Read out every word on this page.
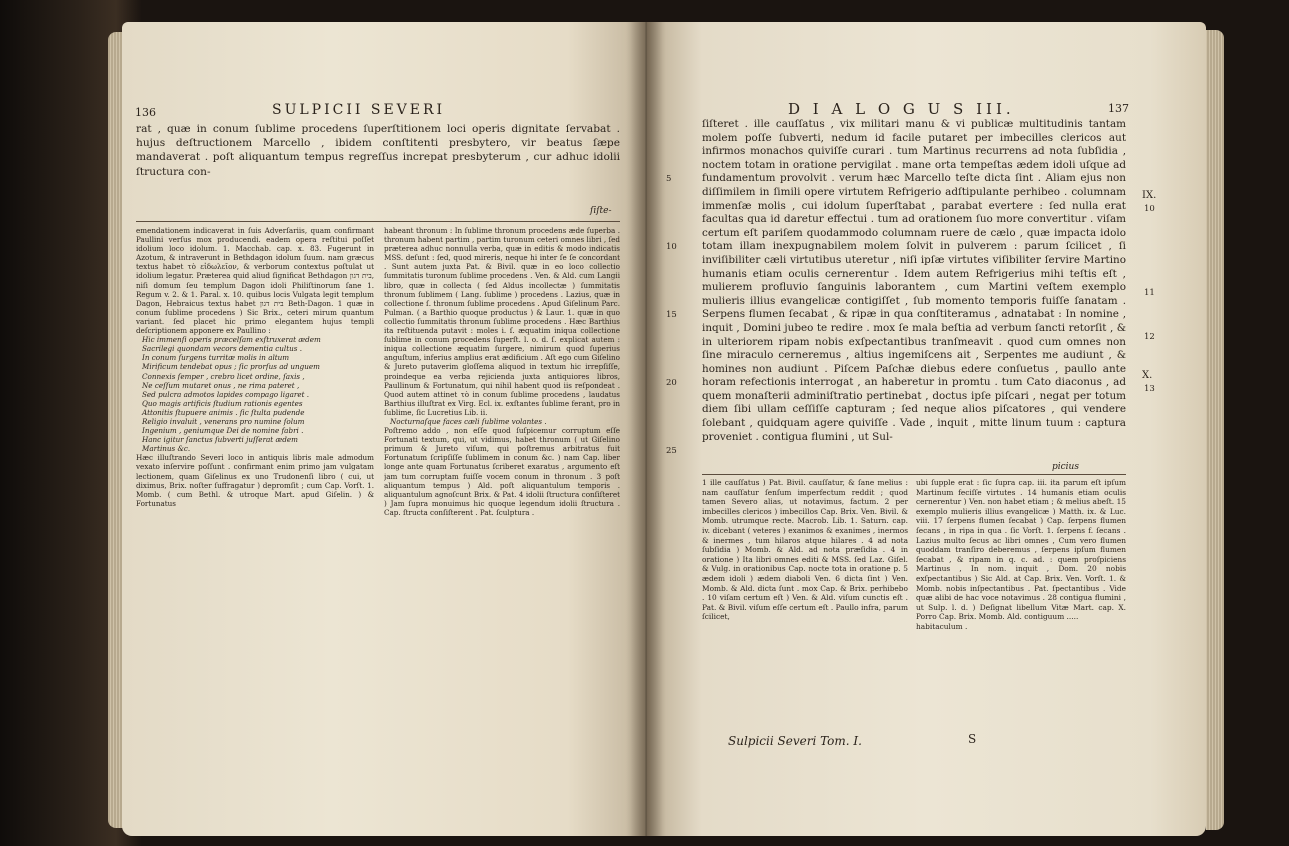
136	SULPICII SEVERI

rat , quæ in conum ſublime procedens ſuperſtitionem loci operis dignitate ſervabat . hujus deſtructionem Marcello , ibidem conſtitenti presbytero, vir beatus ſæpe mandaverat . poſt aliquantum tempus regreſſus increpat presbyterum , cur adhuc idolii ſtructura con-

ſiſte-

emendationem indicaverat in ſuis Adverſariis, quam confirmant Paullini verſus mox producendi. eadem opera reſtitui poſſet idolium loco idolum. 1. Macchab. cap. x. 83. Fugerunt in Azotum, & intraverunt in Bethdagon idolum ſuum. nam græcus textus habet τὸ εἰδωλεῖον, & verborum contextus poſtulat ut idolium legatur. Præterea quid aliud ſignificat Bethdagon בית דגון, niſi domum ſeu templum Dagon idoli Philiſtinorum ſane 1. Regum v. 2. & 1. Paral. x. 10. quibus locis Vulgata legit templum Dagon, Hebraicus textus habet בית דגון Beth-Dagon. 1 quæ in conum ſublime procedens ) Sic Brix., ceteri mirum quantum variant. ſed placet hic primo elegantem hujus templi deſcriptionem apponere ex Paullino :

Hic immenſi operis præcelſam exſtruxerat ædem

Sacrilegi quondam vecors dementia cultus .

In conum ſurgens turritæ molis in altum

Mirificum tendebat opus ; ſic prorſus ad unguem

Connexis ſemper , crebro licet ordine, ſaxis ,

Ne ceſſum mutaret onus , ne rima pateret ,

Sed pulcra admotos lapides compago ligaret .

Quo magis artificis ſtudium rationis egentes

Attonitis ſtupuere animis . ſic ſtulta pudende

Religio invaluit , venerans pro numine ſolum

Ingenium , geniumque Dei de nomine fabri .

Hanc igitur ſanctus ſubverti juſſerat ædem

Martinus &c.

Hæc illuſtrando Severi loco in antiquis libris male admodum vexato inſervire poſſunt . confirmant enim primo jam vulgatam lectionem, quam Giſelinus ex uno Trudonenſi libro ( cui, ut diximus, Brix. noſter ſuffragatur ) depromſit ; cum Cap. Vorſt. 1. Momb. ( cum Bethl. & utroque Mart. apud Giſelin. ) & Fortunatus

habeant thronum : In ſublime thronum procedens æde ſuperba . thronum habent partim , partim turonum ceteri omnes libri , ſed præterea adhuc nonnulla verba, quæ in editis & modo indicatis MSS. deſunt : ſed, quod mireris, neque hi inter ſe ſe concordant . Sunt autem juxta Pat. & Bivil. quæ in eo loco collectio ſummitatis turonum ſublime procedens . Ven. & Ald. cum Langii libro, quæ in collecta ( ſed Aldus incollectæ ) ſummitatis thronum ſublimem ( Lang. ſublime ) procedens . Lazius, quæ in collectione ſ. thronum ſublime procedens . Apud Giſelinum Parc. Pulman. ( a Barthio quoque productus ) & Laur. 1. quæ in quo collectio ſummitatis thronum ſublime procedens . Hæc Barthius ita reſtituenda putavit : moles i. ſ. æquatim iniqua collectione ſublime in conum procedens ſuperſt. l. o. d. ſ. explicat autem : iniqua collectione æquatim ſurgere, nimirum quod ſuperius anguſtum, inferius amplius erat ædificium . Aſt ego cum Giſelino & Jureto putaverim gloſſema aliquod in textum hic irrepſiſſe, proindeque ea verba rejicienda juxta antiquiores libros, Paullinum & Fortunatum, qui nihil habent quod iis reſpondeat . Quod autem attinet τὸ in conum ſublime procedens , laudatus Barthius illuſtrat ex Virg. Ecl. ix. exſtantes ſublime ferant, pro in ſublime, ſic Lucretius Lib. ii.

Nocturnaſque faces cæli ſublime volantes .

Poſtremo addo , non eſſe quod ſuſpicemur corruptum eſſe Fortunati textum, qui, ut vidimus, habet thronum ( ut Giſelino primum & Jureto viſum, qui poſtremus arbitratus fuit Fortunatum ſcripſiſſe ſublimem in conum &c. ) nam Cap. liber longe ante quam Fortunatus ſcriberet exaratus , argumento eſt jam tum corruptam fuiſſe vocem conum in thronum . 3 poſt aliquantum tempus ) Ald. poſt aliquantulum temporis . aliquantulum agnoſcunt Brix. & Pat. 4 idolii ſtructura conſiſteret ) Jam ſupra monuimus hic quoque legendum idolii ſtructura . Cap. ſtructa conſiſterent . Pat. ſculptura .

D I A L O G U S III.	137

ſiſteret . ille cauſſatus , vix militari manu & vi publicæ multitudinis tantam molem poſſe ſubverti, nedum id facile putaret per imbecilles clericos aut infirmos monachos quiviſſe curari . tum Martinus recurrens ad nota ſubſidia , noctem totam in oratione pervigilat . mane orta tempeſtas ædem idoli uſque ad fundamentum provolvit . verum hæc Marcello teſte dicta ſint . Aliam ejus non diſſimilem in ſimili opere virtutem Refrigerio adſtipulante perhibeo . columnam immenſæ molis , cui idolum ſuperſtabat , parabat evertere : ſed nulla erat facultas qua id daretur effectui . tum ad orationem ſuo more convertitur . viſam certum eſt pariſem quodammodo columnam ruere de cælo , quæ impacta idolo totam illam inexpugnabilem molem ſolvit in pulverem : parum ſcilicet , ſi inviſibiliter cæli virtutibus uteretur , niſi ipſæ virtutes viſibiliter ſervire Martino humanis etiam oculis cernerentur . Idem autem Refrigerius mihi teſtis eſt , mulierem profluvio ſanguinis laborantem , cum Martini veſtem exemplo mulieris illius evangelicæ contigiſſet , ſub momento temporis fuiſſe ſanatam . Serpens flumen ſecabat , & ripæ in qua conſtiteramus , adnatabat : In nomine , inquit , Domini jubeo te redire . mox ſe mala beſtia ad verbum ſancti retorſit , & in ulteriorem ripam nobis exſpectantibus tranſmeavit . quod cum omnes non ſine miraculo cerneremus , altius ingemiſcens ait , Serpentes me audiunt , & homines non audiunt . Piſcem Paſchæ diebus edere conſuetus , paullo ante horam refectionis interrogat , an haberetur in promtu . tum Cato diaconus , ad quem monaſterii adminiſtratio pertinebat , doctus ipſe piſcari , negat per totum diem ſibi ullam ceſſiſſe capturam ; ſed neque alios piſcatores , qui vendere ſolebant , quidquam agere quiviſſe . Vade , inquit , mitte linum tuum : captura proveniet . contigua flumini , ut Sul-

picius
5
10
15
20
25
IX.
10
11
12
X.
13

1 ille cauſſatus ) Pat. Bivil. cauſſatur, & ſane melius : nam cauſſatur ſenſum imperfectum reddit ; quod tamen Severo alias, ut notavimus, factum. 2 per imbecilles clericos ) imbecillos Cap. Brix. Ven. Bivil. & Momb. utrumque recte. Macrob. Lib. 1. Saturn. cap. iv. dicebant ( veteres ) exanimos & exanimes , inermos & inermes , tum hilaros atque hilares . 4 ad nota ſubſidia ) Momb. & Ald. ad nota præſidia . 4 in oratione ) Ita libri omnes editi & MSS. ſed Laz. Giſel. & Vulg. in orationibus Cap. nocte tota in oratione p. 5 ædem idoli ) ædem diaboli Ven. 6 dicta ſint ) Ven. Momb. & Ald. dicta ſunt . mox Cap. & Brix. perhibebo . 10 viſam certum eſt ) Ven. & Ald. viſum cunctis eſt . Pat. & Bivil. viſum eſſe certum eſt . Paullo infra, parum ſcilicet,

ubi ſupple erat : ſic ſupra cap. iii. ita parum eſt ipſum Martinum feciſſe virtutes . 14 humanis etiam oculis cernerentur ) Ven. non habet etiam ; & melius abeſt. 15 exemplo mulieris illius evangelicæ ) Matth. ix. & Luc. viii. 17 ſerpens flumen ſecabat ) Cap. ſerpens flumen ſecans , in ripa in qua . ſic Vorſt. 1. ſerpens f. ſecans . Lazius multo ſecus ac libri omnes , Cum vero flumen quoddam tranſiro deberemus , ſerpens ipſum flumen ſecabat , & ripam in q. c. ad. : quem proſpiciens Martinus , In nom. inquit , Dom. 20 nobis exſpectantibus ) Sic Ald. at Cap. Brix. Ven. Vorſt. 1. & Momb. nobis inſpectantibus . Pat. ſpectantibus . Vide quæ alibi de hac voce notavimus . 28 contigua flumini , ut Sulp. l. d. ) Deſignat libellum Vitæ Mart. cap. X. Porro Cap. Brix. Momb. Ald. contiguum .....

habitaculum .

Sulpicii Severi Tom. I.	S
